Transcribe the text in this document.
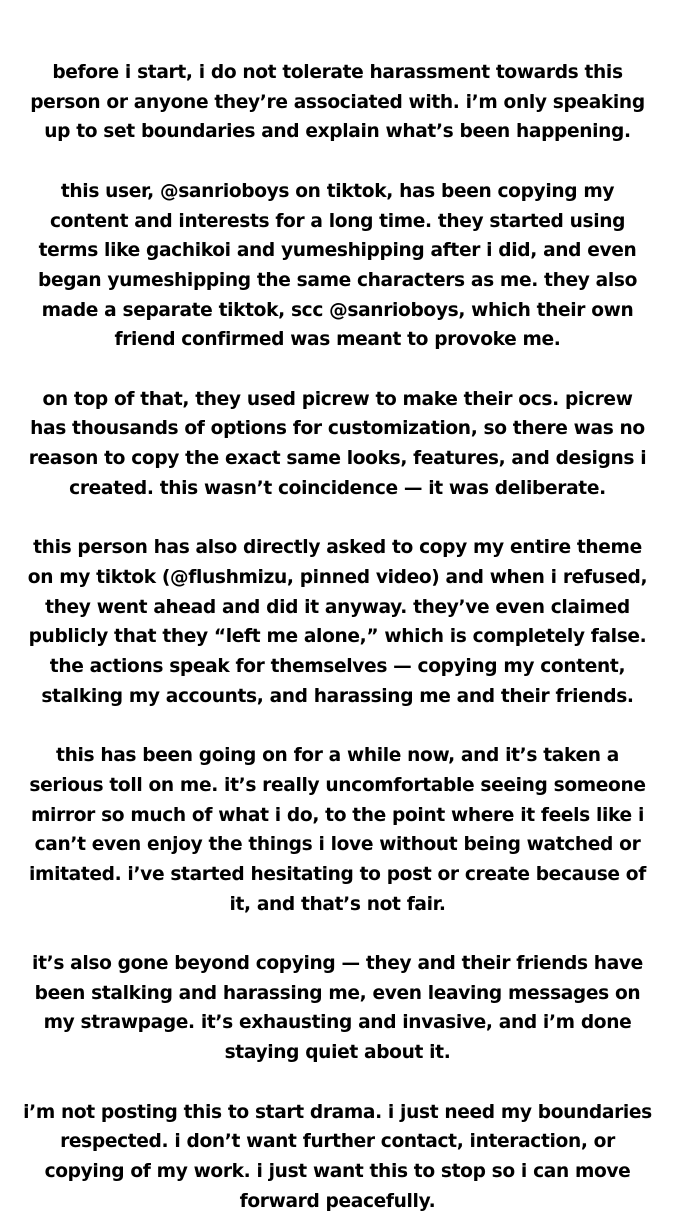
before i start, i do not tolerate harassment towards this person or anyone they’re associated with. i’m only speaking up to set boundaries and explain what’s been happening.

this user, @sanrioboys on tiktok, has been copying my content and interests for a long time. they started using terms like gachikoi and yumeshipping after i did, and even began yumeshipping the same characters as me. they also made a separate tiktok, scc @sanrioboys, which their own friend confirmed was meant to provoke me.

on top of that, they used picrew to make their ocs. picrew has thousands of options for customization, so there was no reason to copy the exact same looks, features, and designs i created. this wasn’t coincidence — it was deliberate.

this person has also directly asked to copy my entire theme on my tiktok (@flushmizu, pinned video) and when i refused, they went ahead and did it anyway. they’ve even claimed publicly that they “left me alone,” which is completely false. the actions speak for themselves — copying my content, stalking my accounts, and harassing me and their friends.

this has been going on for a while now, and it’s taken a serious toll on me. it’s really uncomfortable seeing someone mirror so much of what i do, to the point where it feels like i can’t even enjoy the things i love without being watched or imitated. i’ve started hesitating to post or create because of it, and that’s not fair.

it’s also gone beyond copying — they and their friends have been stalking and harassing me, even leaving messages on my strawpage. it’s exhausting and invasive, and i’m done staying quiet about it.

i’m not posting this to start drama. i just need my boundaries respected. i don’t want further contact, interaction, or copying of my work. i just want this to stop so i can move forward peacefully.
